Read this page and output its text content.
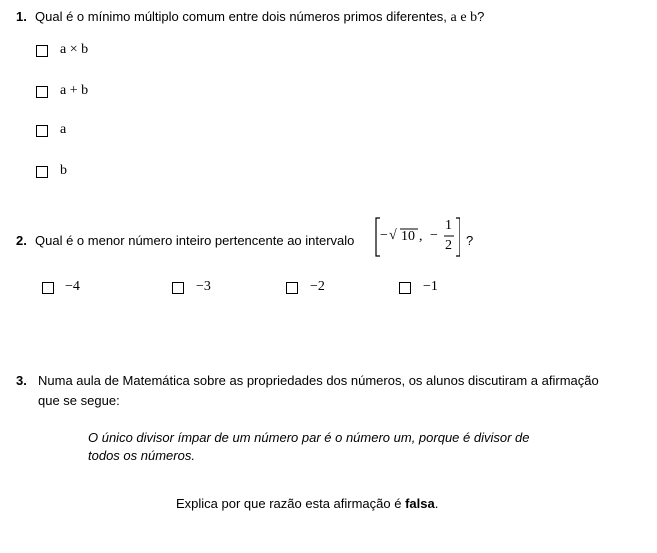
1. Qual é o mínimo múltiplo comum entre dois números primos diferentes, a e b?
a × b
a + b
a
b
2. Qual é o menor número inteiro pertencente ao intervalo − √ 10 , −
1
2 ?
−4	−3	−2	−1
3. Numa aula de Matemática sobre as propriedades dos números, os alunos discutiram a afirmação
que se segue:
O único divisor ímpar de um número par é o número um, porque é divisor de
todos os números.
Explica por que razão esta afirmação é falsa.
